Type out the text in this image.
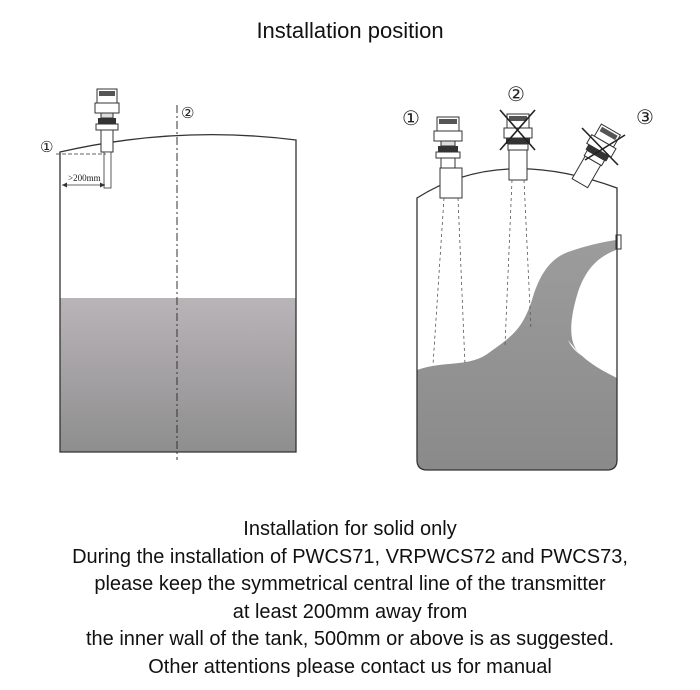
Installation position
>200mm
①
②	①
②
③
Installation for solid only
During the installation of PWCS71, VRPWCS72 and PWCS73,
please keep the symmetrical central line of the transmitter
at least 200mm away from
the inner wall of the tank, 500mm or above is as suggested.
Other attentions please contact us for manual
